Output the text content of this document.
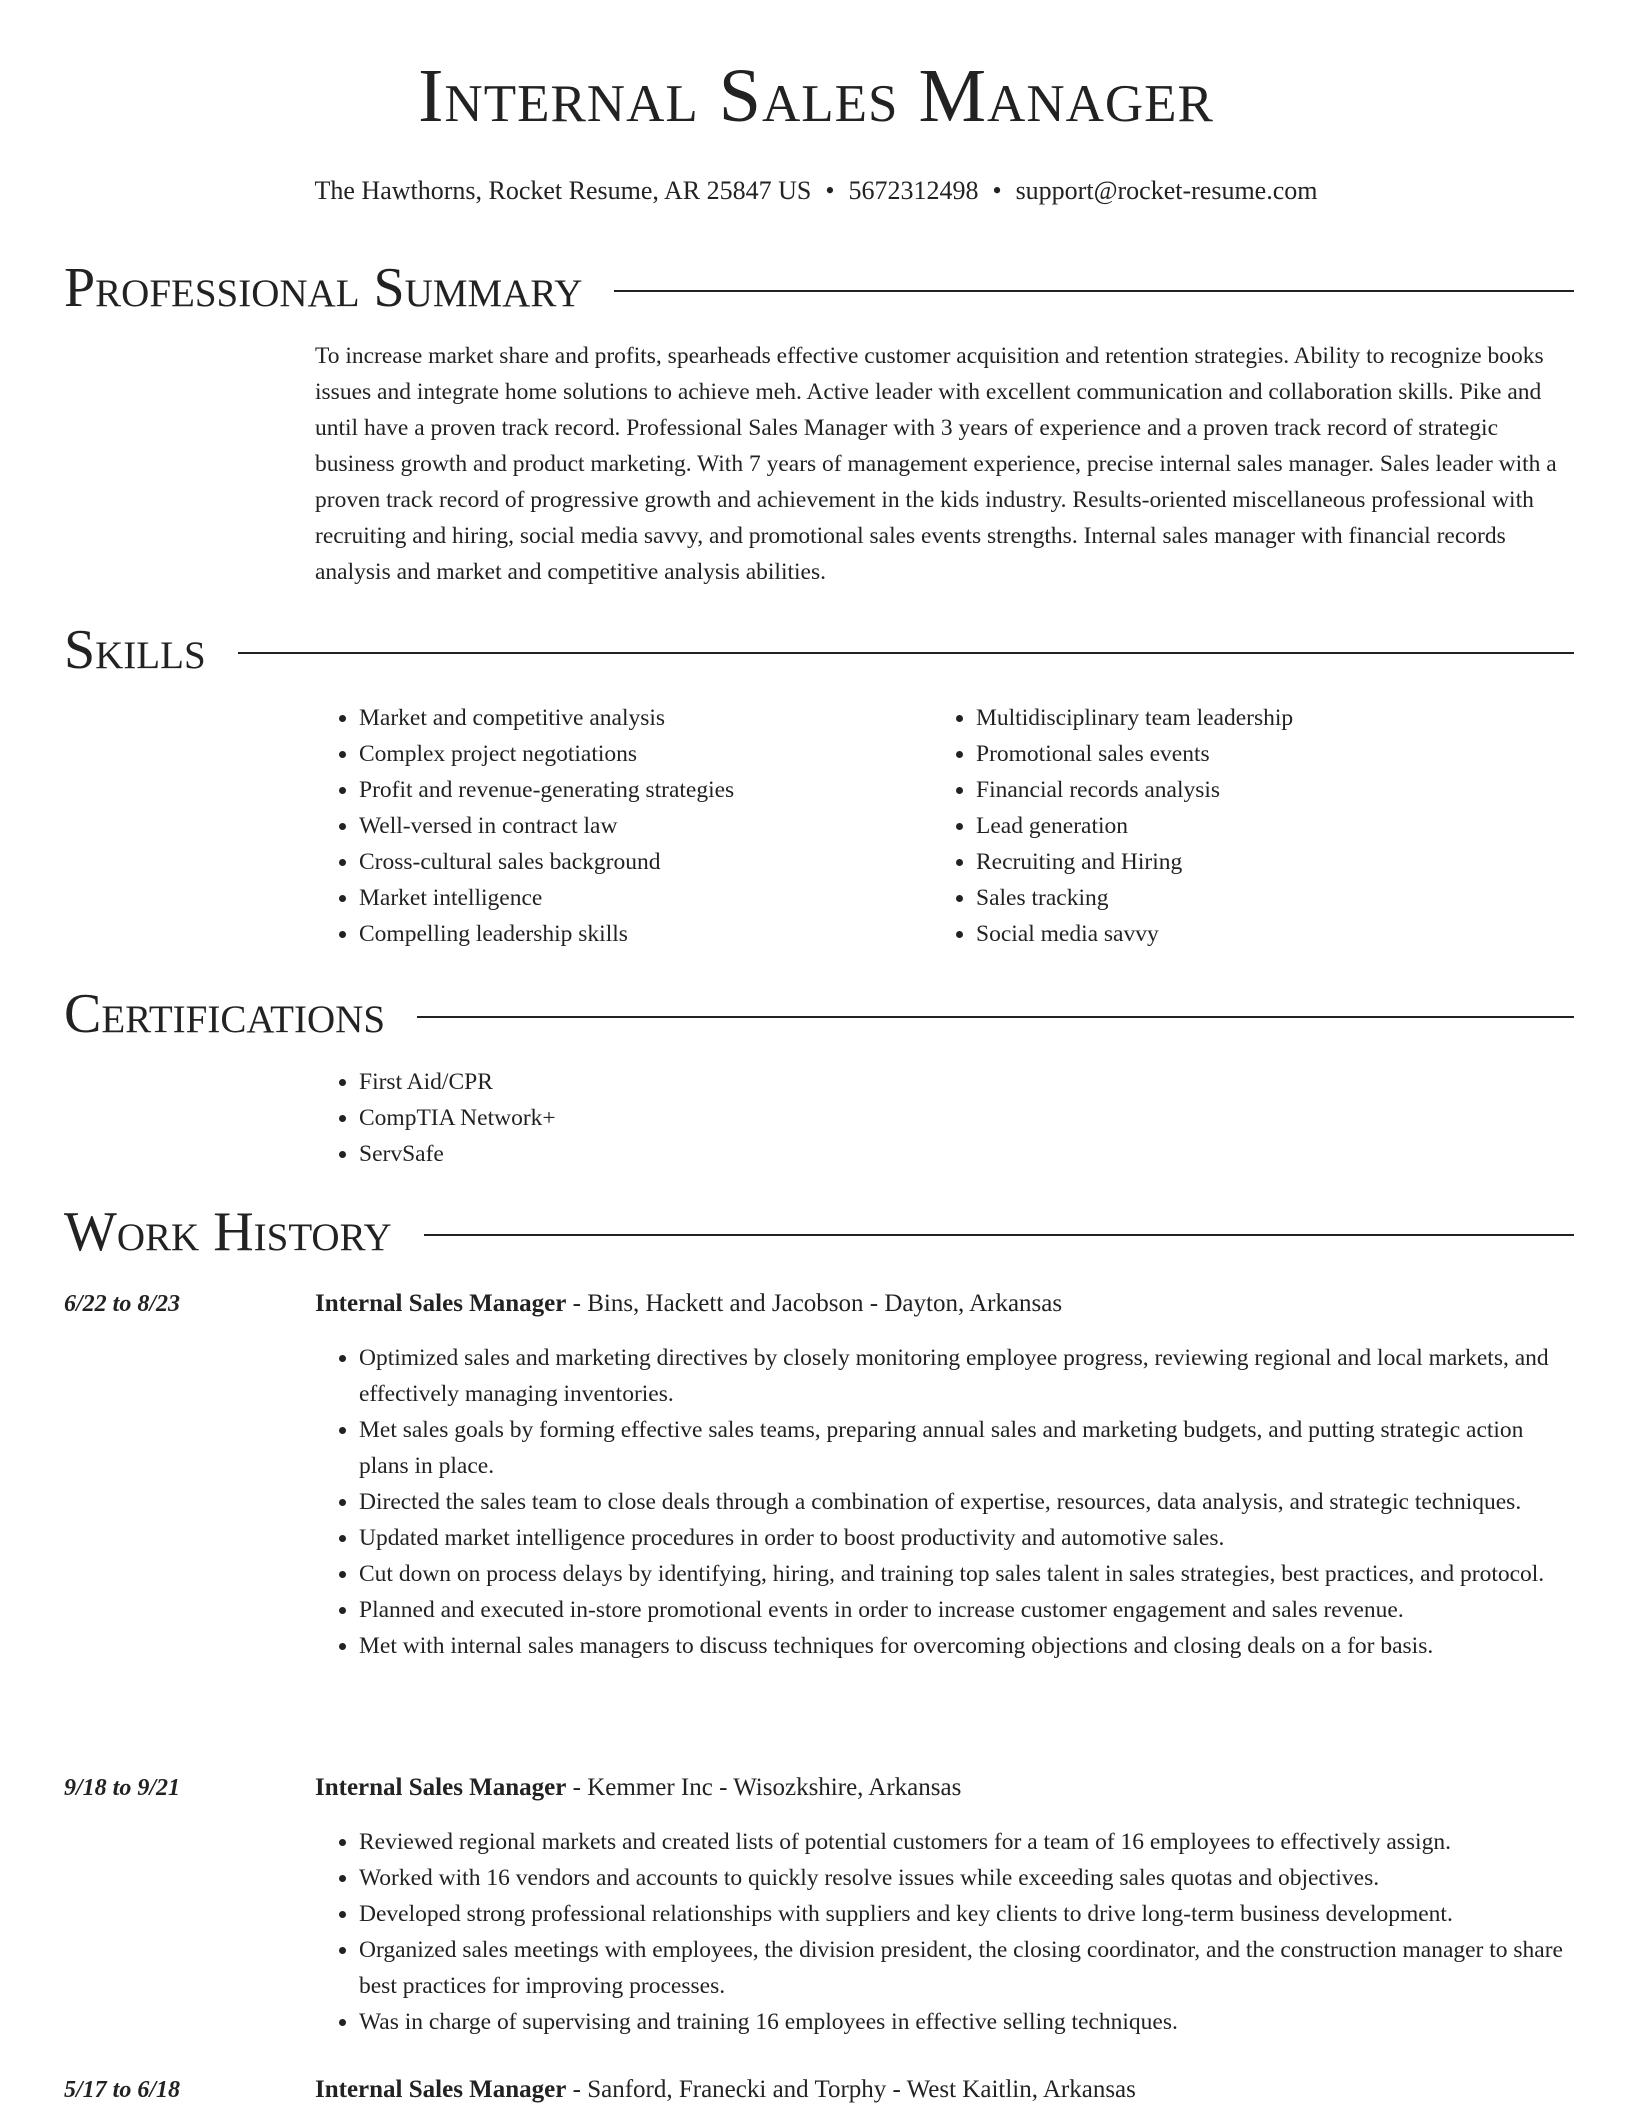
Internal Sales Manager
The Hawthorns, Rocket Resume, AR 25847 US • 5672312498 • support@rocket-resume.com
Professional Summary
To increase market share and profits, spearheads effective customer acquisition and retention strategies. Ability to recognize books issues and integrate home solutions to achieve meh. Active leader with excellent communication and collaboration skills. Pike and until have a proven track record. Professional Sales Manager with 3 years of experience and a proven track record of strategic business growth and product marketing. With 7 years of management experience, precise internal sales manager. Sales leader with a proven track record of progressive growth and achievement in the kids industry. Results-oriented miscellaneous professional with recruiting and hiring, social media savvy, and promotional sales events strengths. Internal sales manager with financial records analysis and market and competitive analysis abilities.
Skills
• Market and competitive analysis
• Complex project negotiations
• Profit and revenue-generating strategies
• Well-versed in contract law
• Cross-cultural sales background
• Market intelligence
• Compelling leadership skills
• Multidisciplinary team leadership
• Promotional sales events
• Financial records analysis
• Lead generation
• Recruiting and Hiring
• Sales tracking
• Social media savvy
Certifications
• First Aid/CPR
• CompTIA Network+
• ServSafe
Work History
6/22 to 8/23	Internal Sales Manager - Bins, Hackett and Jacobson - Dayton, Arkansas
• Optimized sales and marketing directives by closely monitoring employee progress, reviewing regional and local markets, and effectively managing inventories.
• Met sales goals by forming effective sales teams, preparing annual sales and marketing budgets, and putting strategic action plans in place.
• Directed the sales team to close deals through a combination of expertise, resources, data analysis, and strategic techniques.
• Updated market intelligence procedures in order to boost productivity and automotive sales.
• Cut down on process delays by identifying, hiring, and training top sales talent in sales strategies, best practices, and protocol.
• Planned and executed in-store promotional events in order to increase customer engagement and sales revenue.
• Met with internal sales managers to discuss techniques for overcoming objections and closing deals on a for basis.
9/18 to 9/21	Internal Sales Manager - Kemmer Inc - Wisozkshire, Arkansas
• Reviewed regional markets and created lists of potential customers for a team of 16 employees to effectively assign.
• Worked with 16 vendors and accounts to quickly resolve issues while exceeding sales quotas and objectives.
• Developed strong professional relationships with suppliers and key clients to drive long-term business development.
• Organized sales meetings with employees, the division president, the closing coordinator, and the construction manager to share best practices for improving processes.
• Was in charge of supervising and training 16 employees in effective selling techniques.
5/17 to 6/18	Internal Sales Manager - Sanford, Franecki and Torphy - West Kaitlin, Arkansas
